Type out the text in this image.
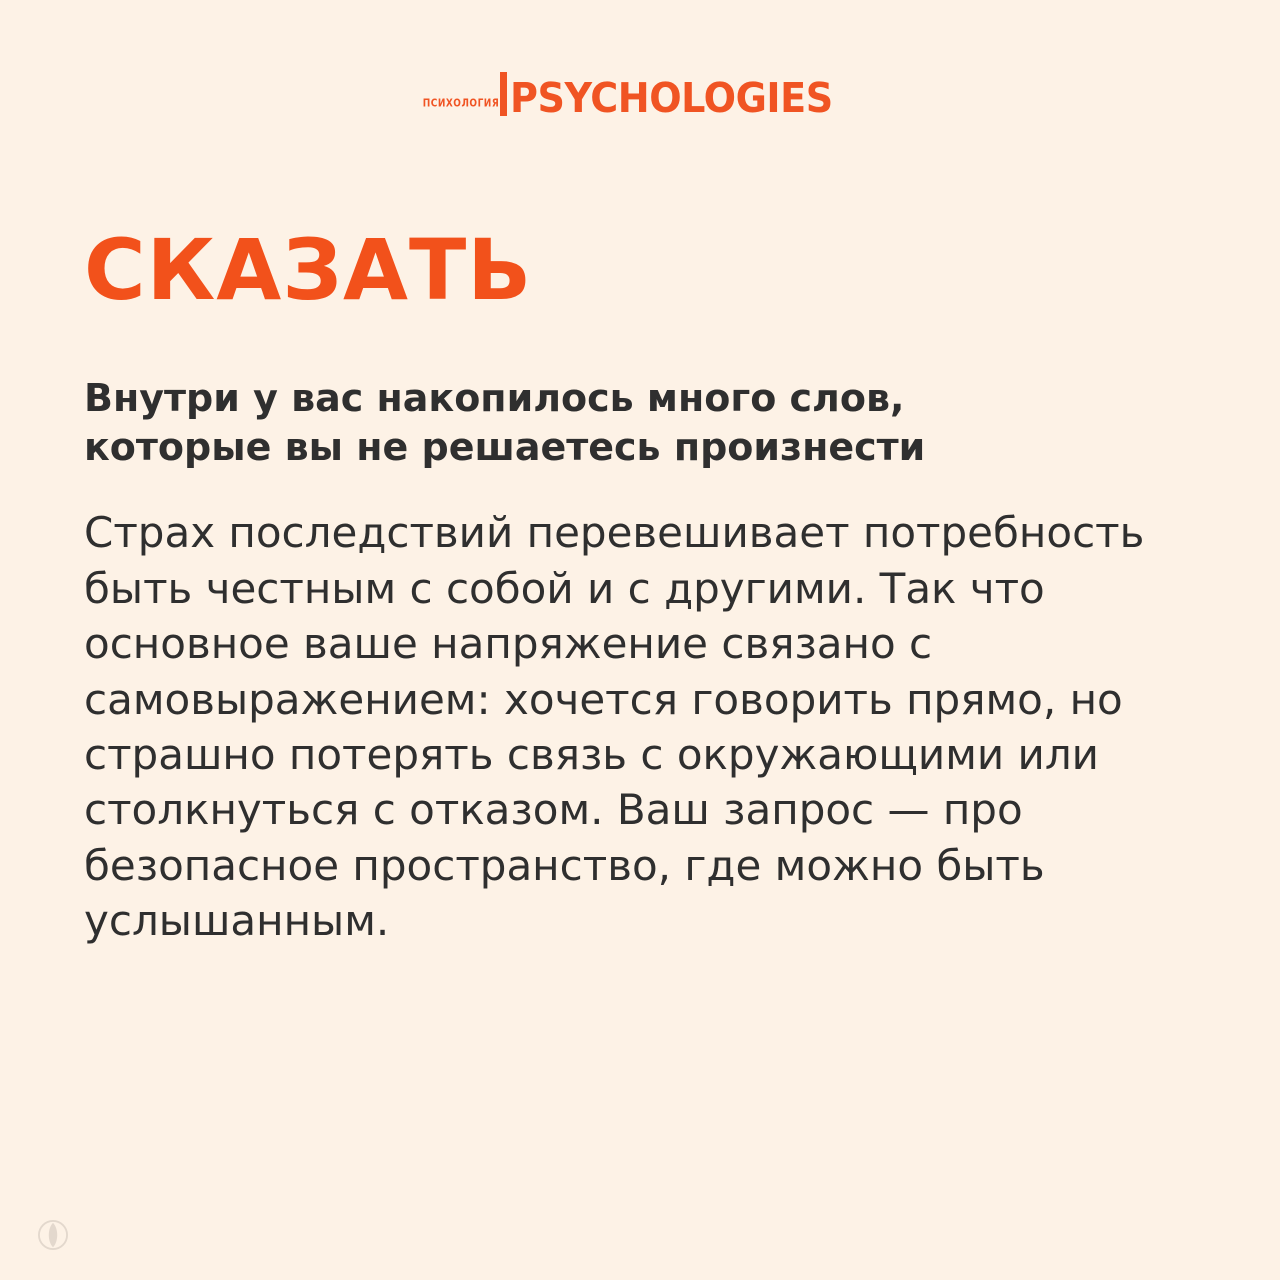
ПСИХОЛОГИЯ PSYCHOLOGIES
СКАЗАТЬ
Внутри у вас накопилось много слов, которые вы не решаетесь произнести

Страх последствий перевешивает потребность быть честным с собой и с другими. Так что основное ваше напряжение связано с самовыражением: хочется говорить прямо, но страшно потерять связь с окружающими или столкнуться с отказом. Ваш запрос — про безопасное пространство, где можно быть услышанным.
